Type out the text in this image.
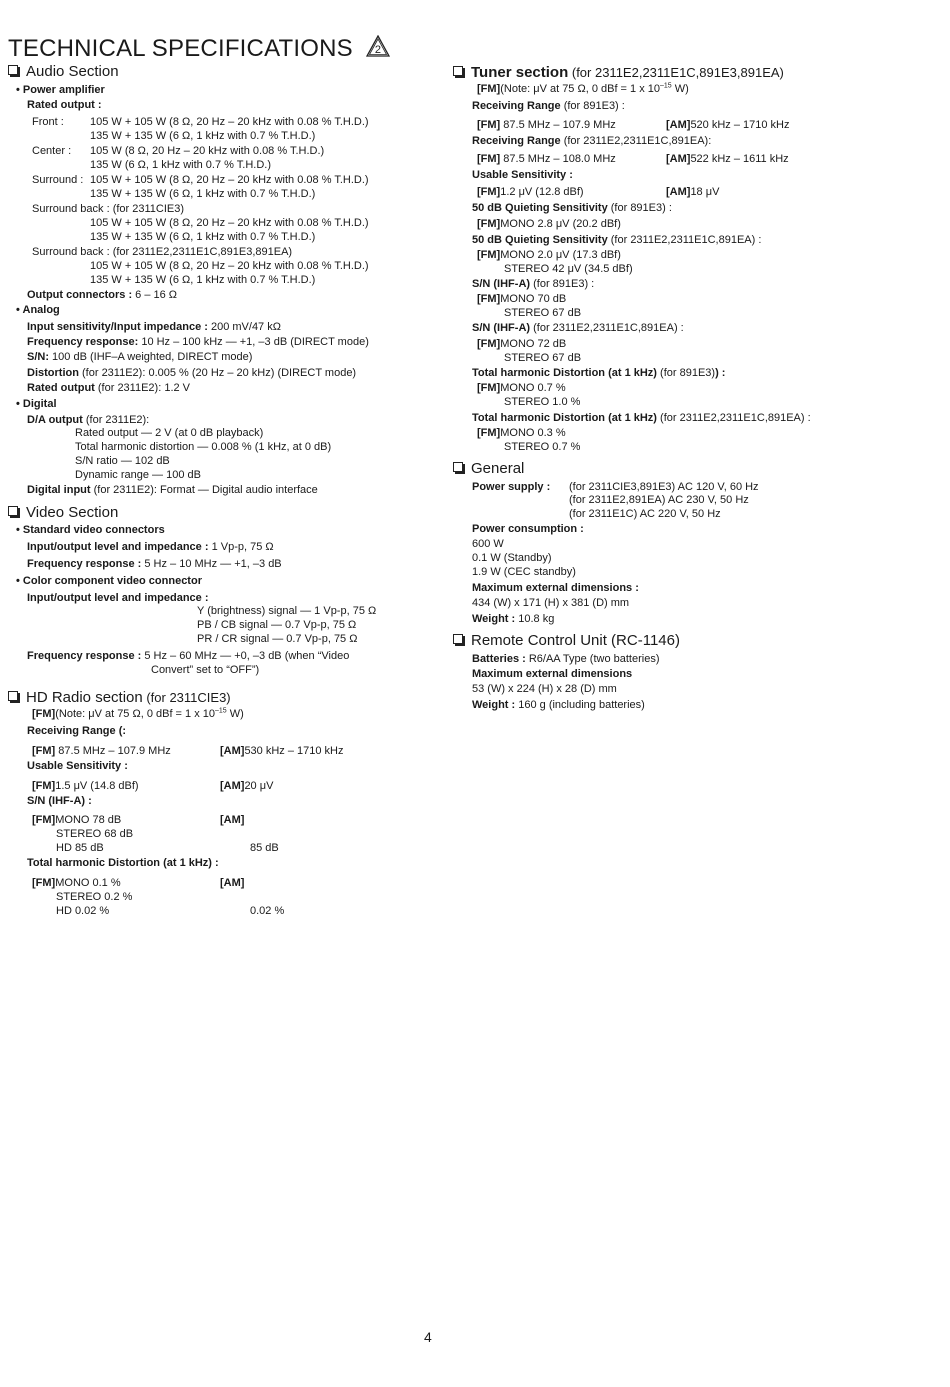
TECHNICAL SPECIFICATIONS 2
Audio Section
• Power amplifier
Rated output :
Front : 105 W + 105 W (8 Ω, 20 Hz – 20 kHz with 0.08 % T.H.D.)
135 W + 135 W (6 Ω, 1 kHz with 0.7 % T.H.D.)
Center : 105 W (8 Ω, 20 Hz – 20 kHz with 0.08 % T.H.D.)
135 W (6 Ω, 1 kHz with 0.7 % T.H.D.)
Surround : 105 W + 105 W (8 Ω, 20 Hz – 20 kHz with 0.08 % T.H.D.)
135 W + 135 W (6 Ω, 1 kHz with 0.7 % T.H.D.)
Surround back : (for 2311CIE3)
105 W + 105 W (8 Ω, 20 Hz – 20 kHz with 0.08 % T.H.D.)
135 W + 135 W (6 Ω, 1 kHz with 0.7 % T.H.D.)
Surround back : (for 2311E2,2311E1C,891E3,891EA)
105 W + 105 W (8 Ω, 20 Hz – 20 kHz with 0.08 % T.H.D.)
135 W + 135 W (6 Ω, 1 kHz with 0.7 % T.H.D.)
Output connectors : 6 – 16 Ω
• Analog
Input sensitivity/Input impedance : 200 mV/47 kΩ
Frequency response: 10 Hz – 100 kHz — +1, –3 dB (DIRECT mode)
S/N: 100 dB (IHF–A weighted, DIRECT mode)
Distortion (for 2311E2): 0.005 % (20 Hz – 20 kHz) (DIRECT mode)
Rated output (for 2311E2): 1.2 V
• Digital
D/A output (for 2311E2):
Rated output — 2 V (at 0 dB playback)
Total harmonic distortion — 0.008 % (1 kHz, at 0 dB)
S/N ratio — 102 dB
Dynamic range — 100 dB
Digital input (for 2311E2): Format — Digital audio interface
Video Section
• Standard video connectors
Input/output level and impedance : 1 Vp-p, 75 Ω
Frequency response : 5 Hz – 10 MHz — +1, –3 dB
• Color component video connector
Input/output level and impedance :
Y (brightness) signal — 1 Vp-p, 75 Ω
PB / CB signal — 0.7 Vp-p, 75 Ω
PR / CR signal — 0.7 Vp-p, 75 Ω
Frequency response : 5 Hz – 60 MHz — +0, –3 dB (when “Video
Convert” set to “OFF”)
HD Radio section (for 2311CIE3)
[FM](Note: μV at 75 Ω, 0 dBf = 1 x $10^{-15}$ W)
Receiving Range (:
[FM] 87.5 MHz – 107.9 MHz	[AM]530 kHz – 1710 kHz
Usable Sensitivity :
[FM]1.5 μV (14.8 dBf)	[AM]20 μV
S/N (IHF-A) :
[FM]MONO 78 dB	[AM]
STEREO 68 dB
HD 85 dB	85 dB
Total harmonic Distortion (at 1 kHz) :
[FM]MONO 0.1 %	[AM]
STEREO 0.2 %
HD 0.02 %	0.02 %
Tuner section (for 2311E2,2311E1C,891E3,891EA)
[FM](Note: μV at 75 Ω, 0 dBf = 1 x $10^{-15}$ W)
Receiving Range (for 891E3) :
[FM] 87.5 MHz – 107.9 MHz	[AM]520 kHz – 1710 kHz
Receiving Range (for 2311E2,2311E1C,891EA):
[FM] 87.5 MHz – 108.0 MHz	[AM]522 kHz – 1611 kHz
Usable Sensitivity :
[FM]1.2 μV (12.8 dBf)	[AM]18 μV
50 dB Quieting Sensitivity (for 891E3) :
[FM]MONO 2.8 μV (20.2 dBf)
50 dB Quieting Sensitivity (for 2311E2,2311E1C,891EA) :
[FM]MONO 2.0 μV (17.3 dBf)
STEREO 42 μV (34.5 dBf)
S/N (IHF-A) (for 891E3) :
[FM]MONO 70 dB
STEREO 67 dB
S/N (IHF-A) (for 2311E2,2311E1C,891EA) :
[FM]MONO 72 dB
STEREO 67 dB
Total harmonic Distortion (at 1 kHz) (for 891E3)) :
[FM]MONO 0.7 %
STEREO 1.0 %
Total harmonic Distortion (at 1 kHz) (for 2311E2,2311E1C,891EA) :
[FM]MONO 0.3 %
STEREO 0.7 %
General
Power supply : (for 2311CIE3,891E3) AC 120 V, 60 Hz
(for 2311E2,891EA) AC 230 V, 50 Hz
(for 2311E1C) AC 220 V, 50 Hz
Power consumption :
600 W
0.1 W (Standby)
1.9 W (CEC standby)
Maximum external dimensions :
434 (W) x 171 (H) x 381 (D) mm
Weight : 10.8 kg
Remote Control Unit (RC-1146)
Batteries : R6/AA Type (two batteries)
Maximum external dimensions
53 (W) x 224 (H) x 28 (D) mm
Weight : 160 g (including batteries)
4
